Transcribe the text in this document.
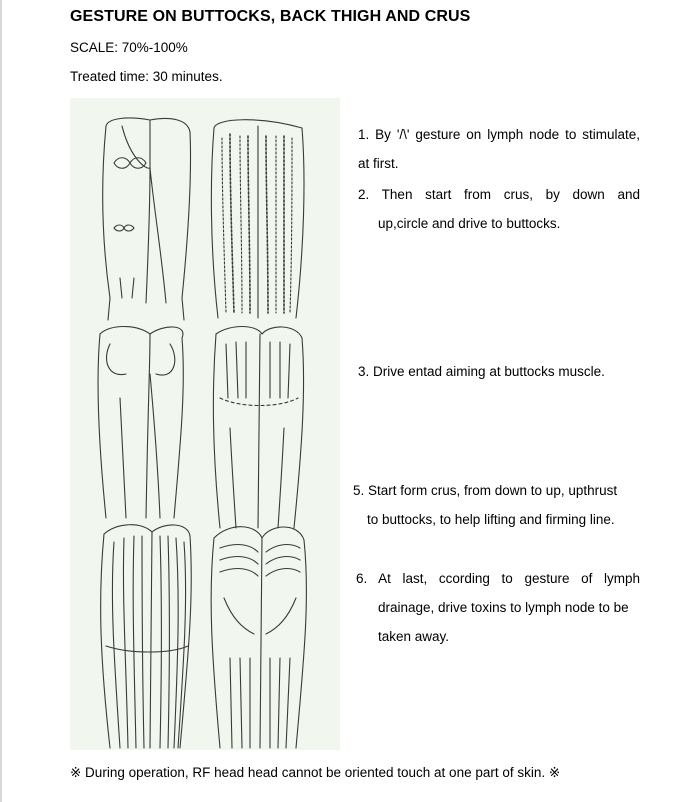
GESTURE ON BUTTOCKS, BACK THIGH AND CRUS
SCALE: 70%-100%
Treated time: 30 minutes.
1. By '/\' gesture on lymph node to stimulate,
at first.
2. Then start from crus, by down and
up,circle and drive to buttocks.
3. Drive entad aiming at buttocks muscle.
5. Start form crus, from down to up, upthrust
to buttocks, to help lifting and firming line.
6. At last, ccording to gesture of lymph
drainage, drive toxins to lymph node to be
taken away.
※ During operation, RF head head cannot be oriented touch at one part of skin. ※
